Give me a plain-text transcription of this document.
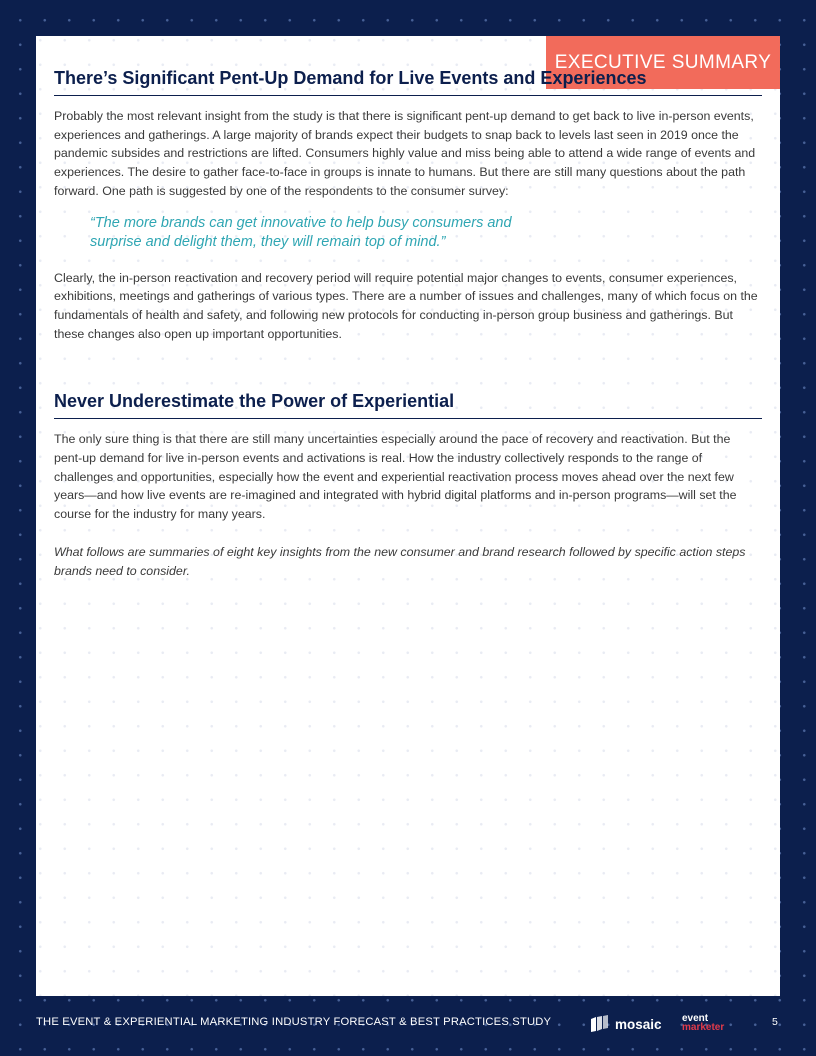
EXECUTIVE SUMMARY
There’s Significant Pent-Up Demand for Live Events and Experiences

Probably the most relevant insight from the study is that there is significant pent-up demand to get back to live in-person events, experiences and gatherings. A large majority of brands expect their budgets to snap back to levels last seen in 2019 once the pandemic subsides and restrictions are lifted. Consumers highly value and miss being able to attend a wide range of events and experiences. The desire to gather face-to-face in groups is innate to humans. But there are still many questions about the path forward. One path is suggested by one of the respondents to the consumer survey:

“The more brands can get innovative to help busy consumers and surprise and delight them, they will remain top of mind.”

Clearly, the in-person reactivation and recovery period will require potential major changes to events, consumer experiences, exhibitions, meetings and gatherings of various types. There are a number of issues and challenges, many of which focus on the fundamentals of health and safety, and following new protocols for conducting in-person group business and gatherings. But these changes also open up important opportunities.

Never Underestimate the Power of Experiential

The only sure thing is that there are still many uncertainties especially around the pace of recovery and reactivation. But the pent-up demand for live in-person events and activations is real. How the industry collectively responds to the range of challenges and opportunities, especially how the event and experiential reactivation process moves ahead over the next few years—and how live events are re-imagined and integrated with hybrid digital platforms and in-person programs—will set the course for the industry for many years.

What follows are summaries of eight key insights from the new consumer and brand research followed by specific action steps brands need to consider.

THE EVENT & EXPERIENTIAL MARKETING INDUSTRY FORECAST & BEST PRACTICES STUDY	mosaic event
marketer	5
